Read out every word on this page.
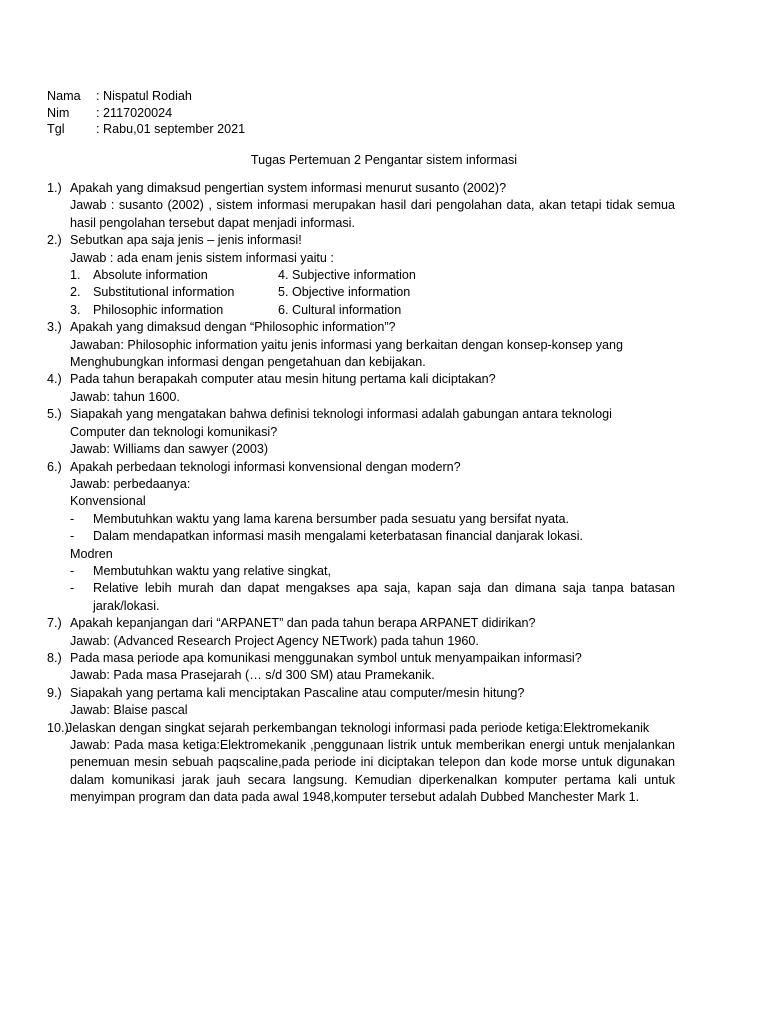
Nama : Nispatul Rodiah
Nim : 2117020024
Tgl	: Rabu,01 september 2021
Tugas Pertemuan 2 Pengantar sistem informasi
1.) Apakah yang dimaksud pengertian system informasi menurut susanto (2002)?
Jawab : susanto (2002) , sistem informasi merupakan hasil dari pengolahan data, akan tetapi tidak semua hasil pengolahan tersebut dapat menjadi informasi.
2.) Sebutkan apa saja jenis – jenis informasi!
Jawab : ada enam jenis sistem informasi yaitu :
1. Absolute information	4. Subjective information
2. Substitutional information	5. Objective information
3. Philosophic information	6. Cultural information
3.) Apakah yang dimaksud dengan “Philosophic information”?
Jawaban: Philosophic information yaitu jenis informasi yang berkaitan dengan konsep-konsep yang
Menghubungkan informasi dengan pengetahuan dan kebijakan.
4.) Pada tahun berapakah computer atau mesin hitung pertama kali diciptakan?
Jawab: tahun 1600.
5.) Siapakah yang mengatakan bahwa definisi teknologi informasi adalah gabungan antara teknologi
Computer dan teknologi komunikasi?
Jawab: Williams dan sawyer (2003)
6.) Apakah perbedaan teknologi informasi konvensional dengan modern?
Jawab: perbedaanya:
Konvensional
- Membutuhkan waktu yang lama karena bersumber pada sesuatu yang bersifat nyata.
- Dalam mendapatkan informasi masih mengalami keterbatasan financial danjarak lokasi.
Modren
- Membutuhkan waktu yang relative singkat,
- Relative lebih murah dan dapat mengakses apa saja, kapan saja dan dimana saja tanpa batasan jarak/lokasi.
7.) Apakah kepanjangan dari “ARPANET” dan pada tahun berapa ARPANET didirikan?
Jawab: (Advanced Research Project Agency NETwork) pada tahun 1960.
8.) Pada masa periode apa komunikasi menggunakan symbol untuk menyampaikan informasi?
Jawab: Pada masa Prasejarah (… s/d 300 SM) atau Pramekanik.
9.) Siapakah yang pertama kali menciptakan Pascaline atau computer/mesin hitung?
Jawab: Blaise pascal
10.)
Jelaskan dengan singkat sejarah perkembangan teknologi informasi pada periode ketiga:Elektromekanik
Jawab: Pada masa ketiga:Elektromekanik ,penggunaan listrik untuk memberikan energi untuk menjalankan penemuan mesin sebuah paqscaline,pada periode ini diciptakan telepon dan kode morse untuk digunakan dalam komunikasi jarak jauh secara langsung. Kemudian diperkenalkan komputer pertama kali untuk menyimpan program dan data pada awal 1948,komputer tersebut adalah Dubbed Manchester Mark 1.
